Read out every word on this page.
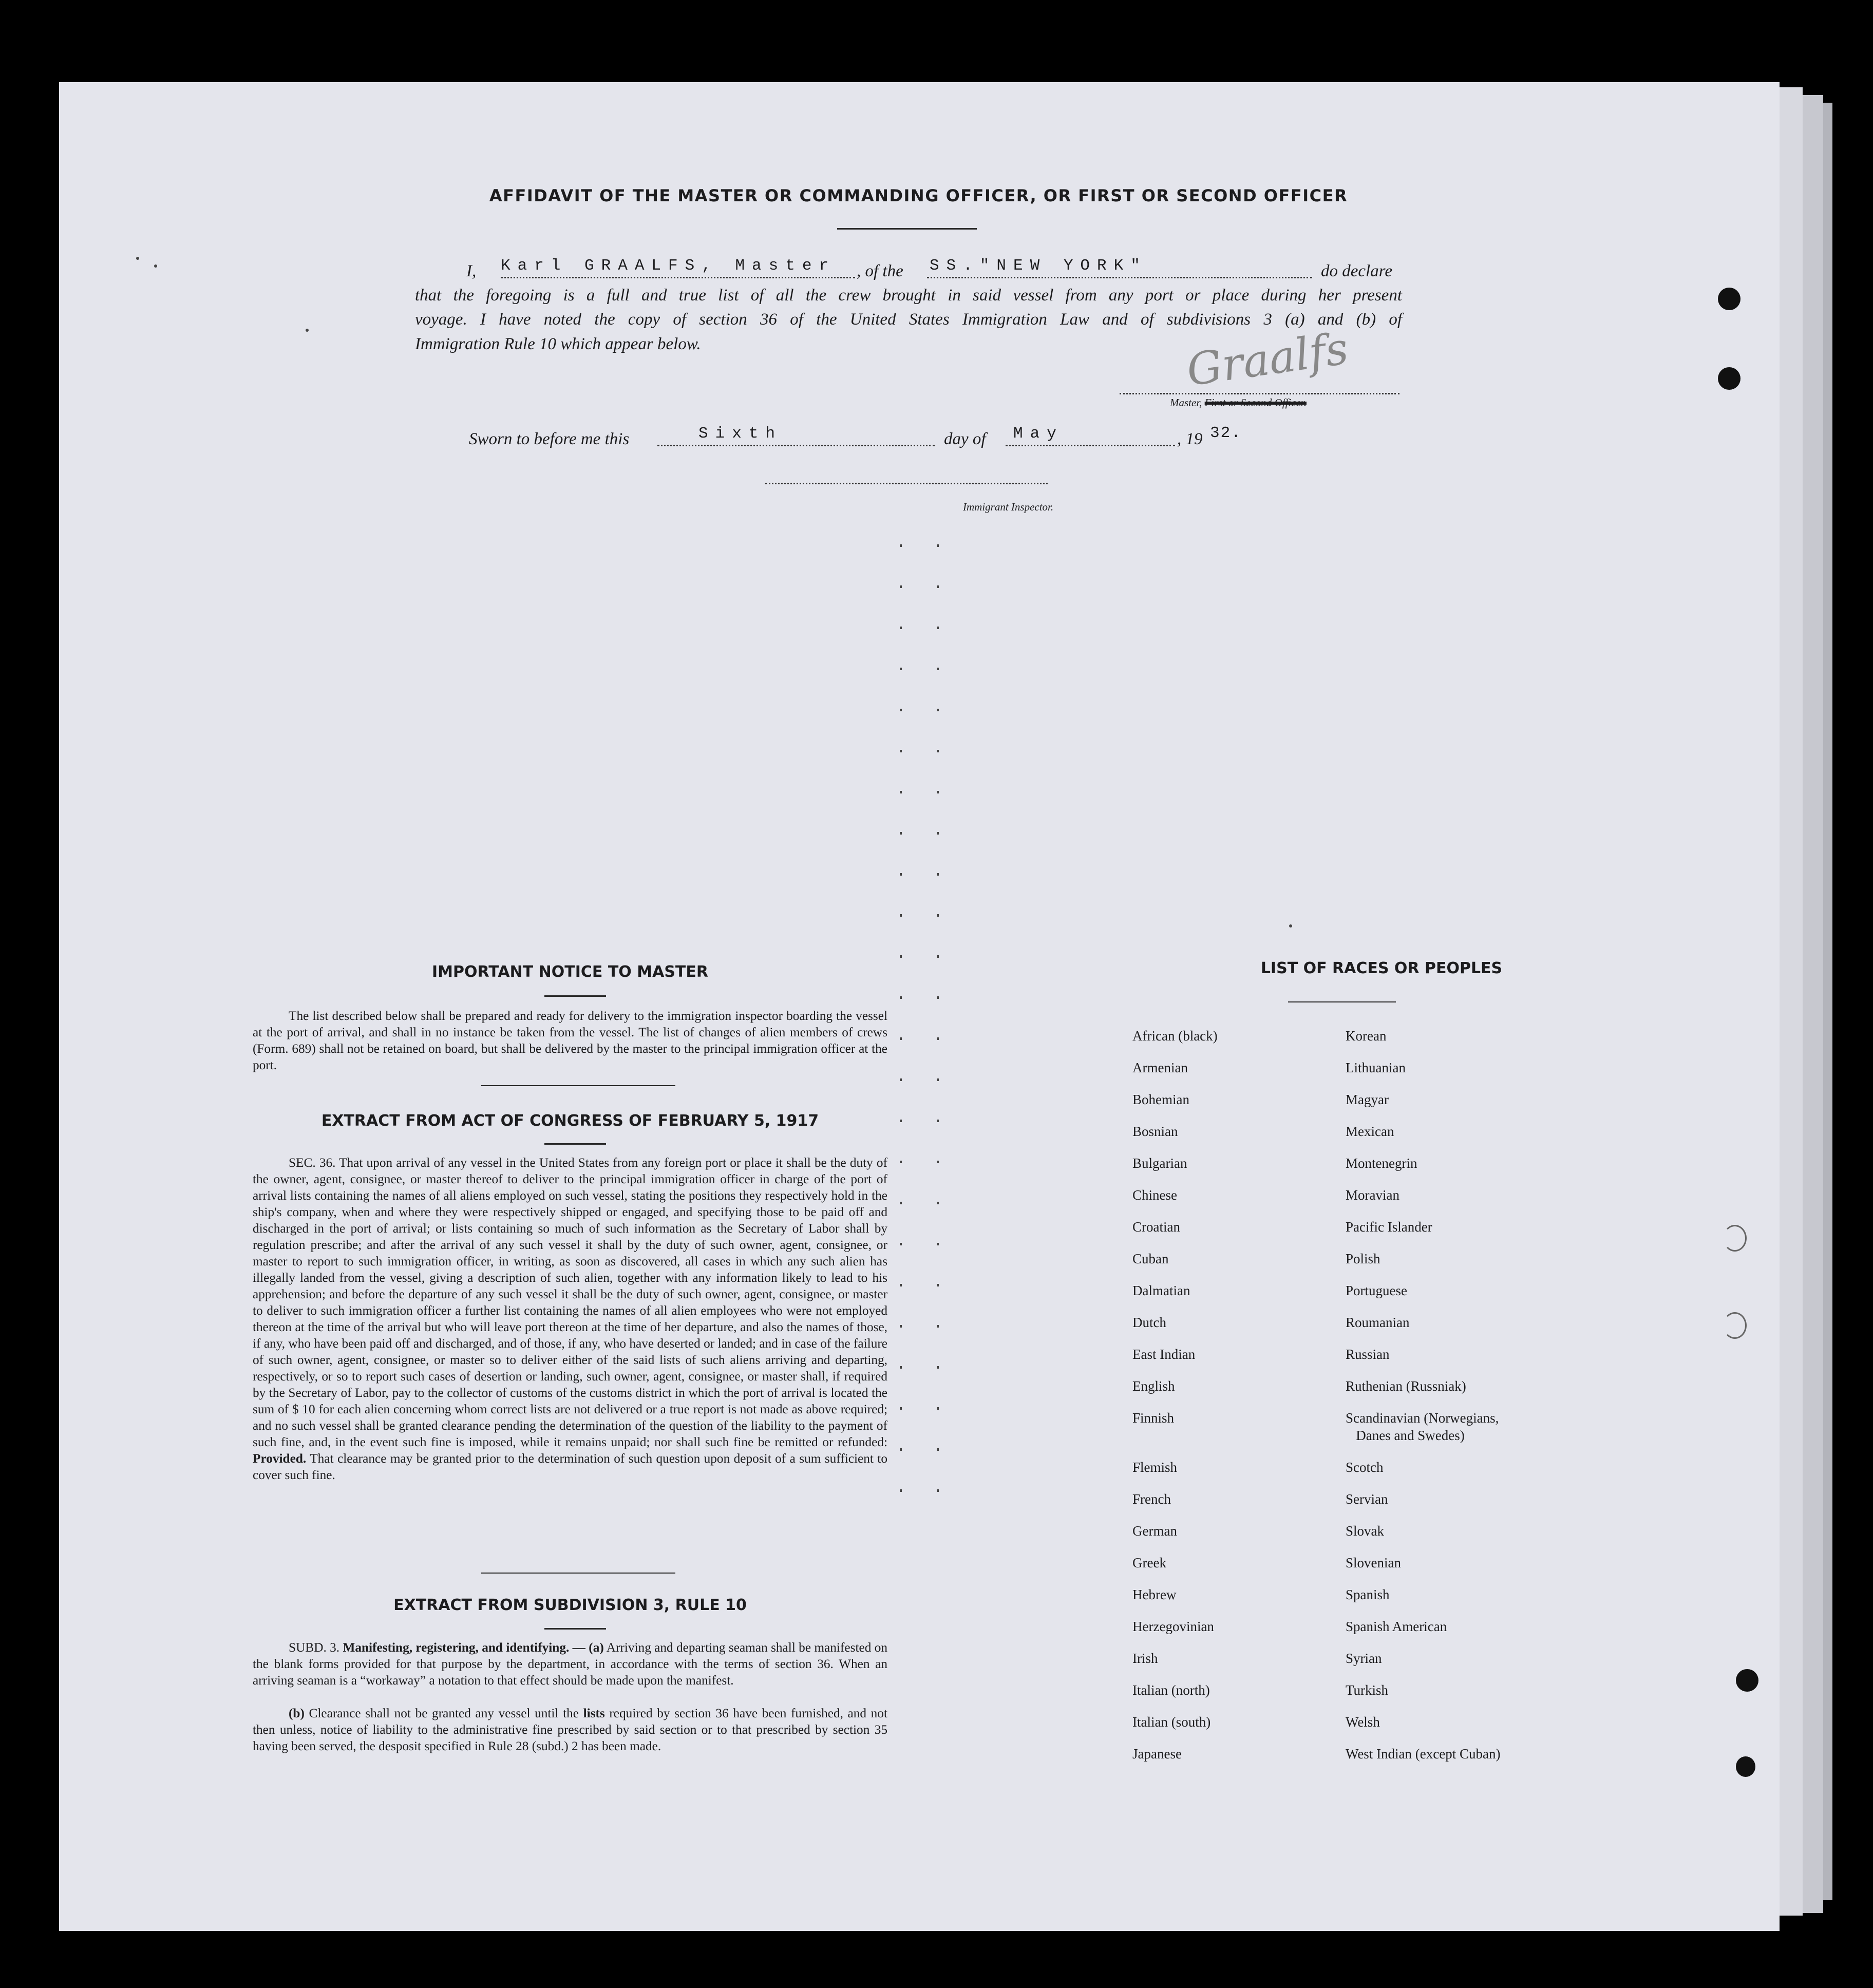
AFFIDAVIT OF THE MASTER OR COMMANDING OFFICER, OR FIRST OR SECOND OFFICER
I, Karl GRAALFS, Master , of the SS."NEW YORK"	do declare
that the foregoing is a full and true list of all the crew brought in said vessel from any port or place during her present
voyage. I have noted the copy of section 36 of the United States Immigration Law and of subdivisions 3 (a) and (b) of
Immigration Rule 10 which appear below.	Graalfs
Master, First or Second Officer.
Sworn to before me this	Sixth	day of May	, 19 32.
Immigrant Inspector.
IMPORTANT NOTICE TO MASTER
The list described below shall be prepared and ready for delivery to the immigration inspector boarding the vessel at the port of arrival, and shall in no instance be taken from the vessel. The list of changes of alien members of crews (Form. 689) shall not be retained on board, but shall be delivered by the master to the principal immigration officer at the port.
EXTRACT FROM ACT OF CONGRESS OF FEBRUARY 5, 1917
SEC. 36. That upon arrival of any vessel in the United States from any foreign port or place it shall be the duty of the owner, agent, consignee, or master thereof to deliver to the principal immigration officer in charge of the port of arrival lists containing the names of all aliens employed on such vessel, stating the positions they respectively hold in the ship's company, when and where they were respectively shipped or engaged, and specifying those to be paid off and discharged in the port of arrival; or lists containing so much of such information as the Secretary of Labor shall by regulation prescribe; and after the arrival of any such vessel it shall by the duty of such owner, agent, consignee, or master to report to such immigration officer, in writing, as soon as discovered, all cases in which any such alien has illegally landed from the vessel, giving a description of such alien, together with any information likely to lead to his apprehension; and before the departure of any such vessel it shall be the duty of such owner, agent, consignee, or master to deliver to such immigration officer a further list containing the names of all alien employees who were not employed thereon at the time of the arrival but who will leave port thereon at the time of her departure, and also the names of those, if any, who have been paid off and discharged, and of those, if any, who have deserted or landed; and in case of the failure of such owner, agent, consignee, or master so to deliver either of the said lists of such aliens arriving and departing, respectively, or so to report such cases of desertion or landing, such owner, agent, consignee, or master shall, if required by the Secretary of Labor, pay to the collector of customs of the customs district in which the port of arrival is located the sum of $ 10 for each alien concerning whom correct lists are not delivered or a true report is not made as above required; and no such vessel shall be granted clearance pending the determination of the question of the liability to the payment of such fine, and, in the event such fine is imposed, while it remains unpaid; nor shall such fine be remitted or refunded: Provided. That clearance may be granted prior to the determination of such question upon deposit of a sum sufficient to cover such fine.
EXTRACT FROM SUBDIVISION 3, RULE 10
SUBD. 3. Manifesting, registering, and identifying. — (a) Arriving and departing seaman shall be manifested on the blank forms provided for that purpose by the department, in accordance with the terms of section 36. When an arriving seaman is a “workaway” a notation to that effect should be made upon the manifest.
(b) Clearance shall not be granted any vessel until the lists required by section 36 have been furnished, and not then unless, notice of liability to the administrative fine prescribed by said section or to that prescribed by section 35 having been served, the desposit specified in Rule 28 (subd.) 2 has been made.
LIST OF RACES OR PEOPLES
African (black)	Korean
Armenian	Lithuanian
Bohemian	Magyar
Bosnian	Mexican
Bulgarian	Montenegrin
Chinese	Moravian
Croatian	Pacific Islander
Cuban	Polish
Dalmatian	Portuguese
Dutch	Roumanian
East Indian	Russian
English	Ruthenian (Russniak)
Finnish	Scandinavian (Norwegians,
Danes and Swedes)
Flemish	Scotch
French	Servian
German	Slovak
Greek	Slovenian
Hebrew	Spanish
Herzegovinian	Spanish American
Irish	Syrian
Italian (north)	Turkish
Italian (south)	Welsh
Japanese	West Indian (except Cuban)
